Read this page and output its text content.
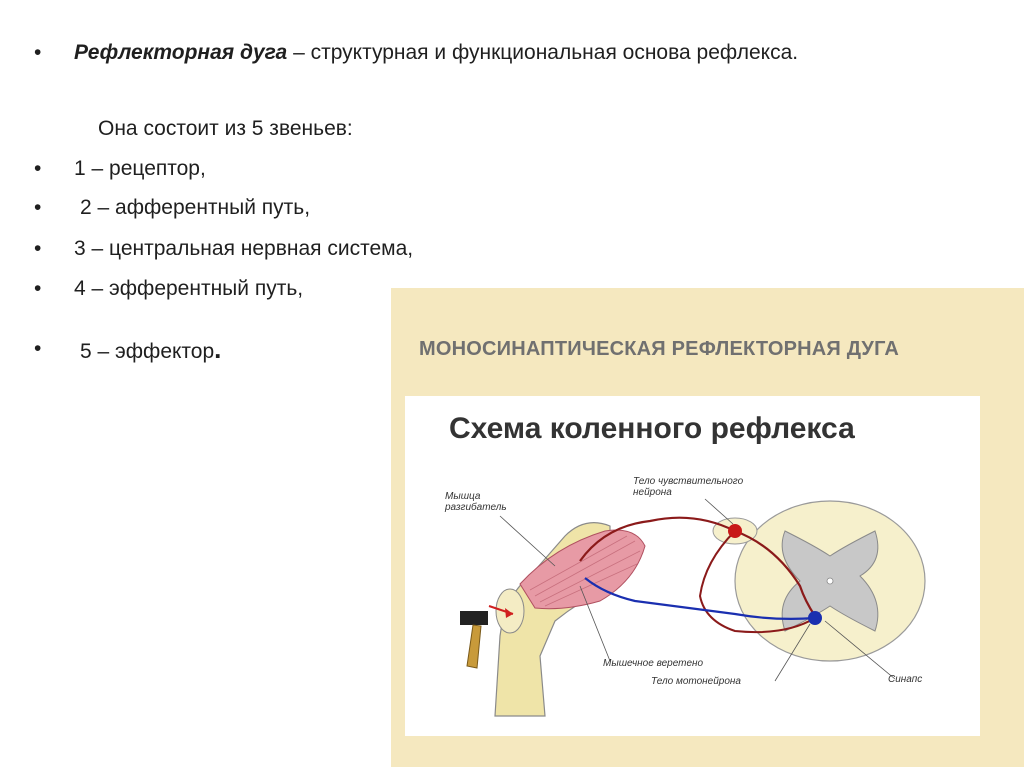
•	Рефлекторная дуга – структурная и функциональная основа рефлекса.
Она состоит из 5 звеньев:
•	1 – рецептор,
•	2 – афферентный путь,
•	3 – центральная нервная система,
•	4 – эфферентный путь,
•	5 – эффектор.	МОНОСИНАПТИЧЕСКАЯ РЕФЛЕКТОРНАЯ ДУГА
Схема коленного рефлекса
Мышца разгибатель
Тело чувствительного нейрона
Мышечное веретено
Тело мотонейрона	Синапс
